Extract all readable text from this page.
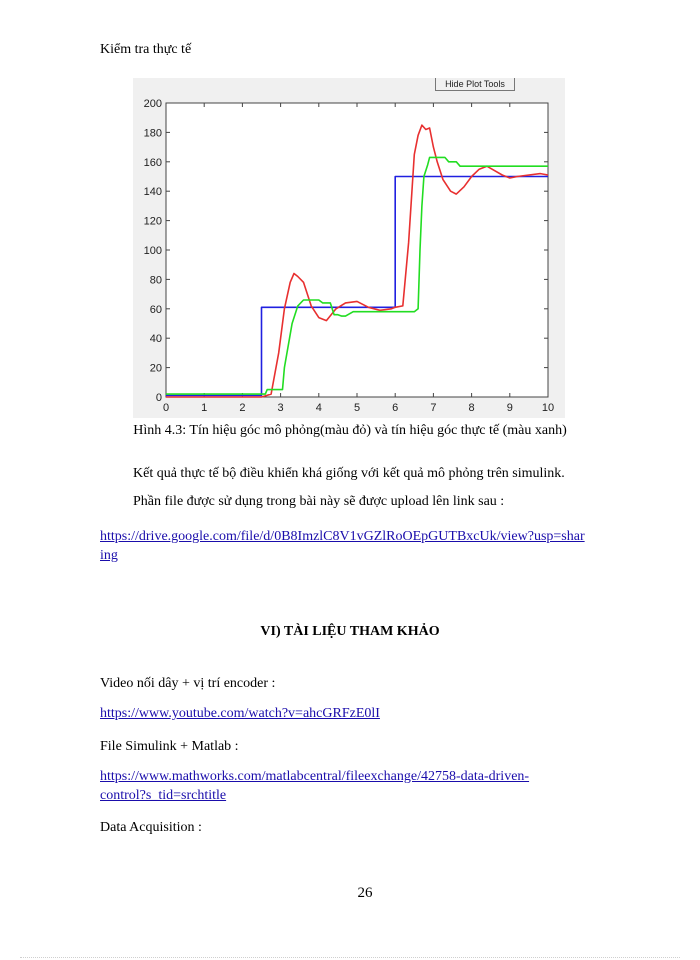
Kiểm tra thực tế
0
20
40
60
80
100
120
140
160
180
200
0	1	2	3	4	5	6	7	8	9	10
Hide Plot Tools
Hình 4.3: Tín hiệu góc mô phỏng(màu đỏ) và tín hiệu góc thực tế (màu xanh)
Kết quả thực tế bộ điều khiển khá giống với kết quả mô phỏng trên simulink.
Phần file được sử dụng trong bài này sẽ được upload lên link sau :
https://drive.google.com/file/d/0B8ImzlC8V1vGZlRoOEpGUTBxcUk/view?usp=shar
ing
VI) TÀI LIỆU THAM KHẢO
Video nối dây + vị trí encoder :
https://www.youtube.com/watch?v=ahcGRFzE0lI
File Simulink + Matlab :
https://www.mathworks.com/matlabcentral/fileexchange/42758-data-driven-
control?s_tid=srchtitle
Data Acquisition :
26
